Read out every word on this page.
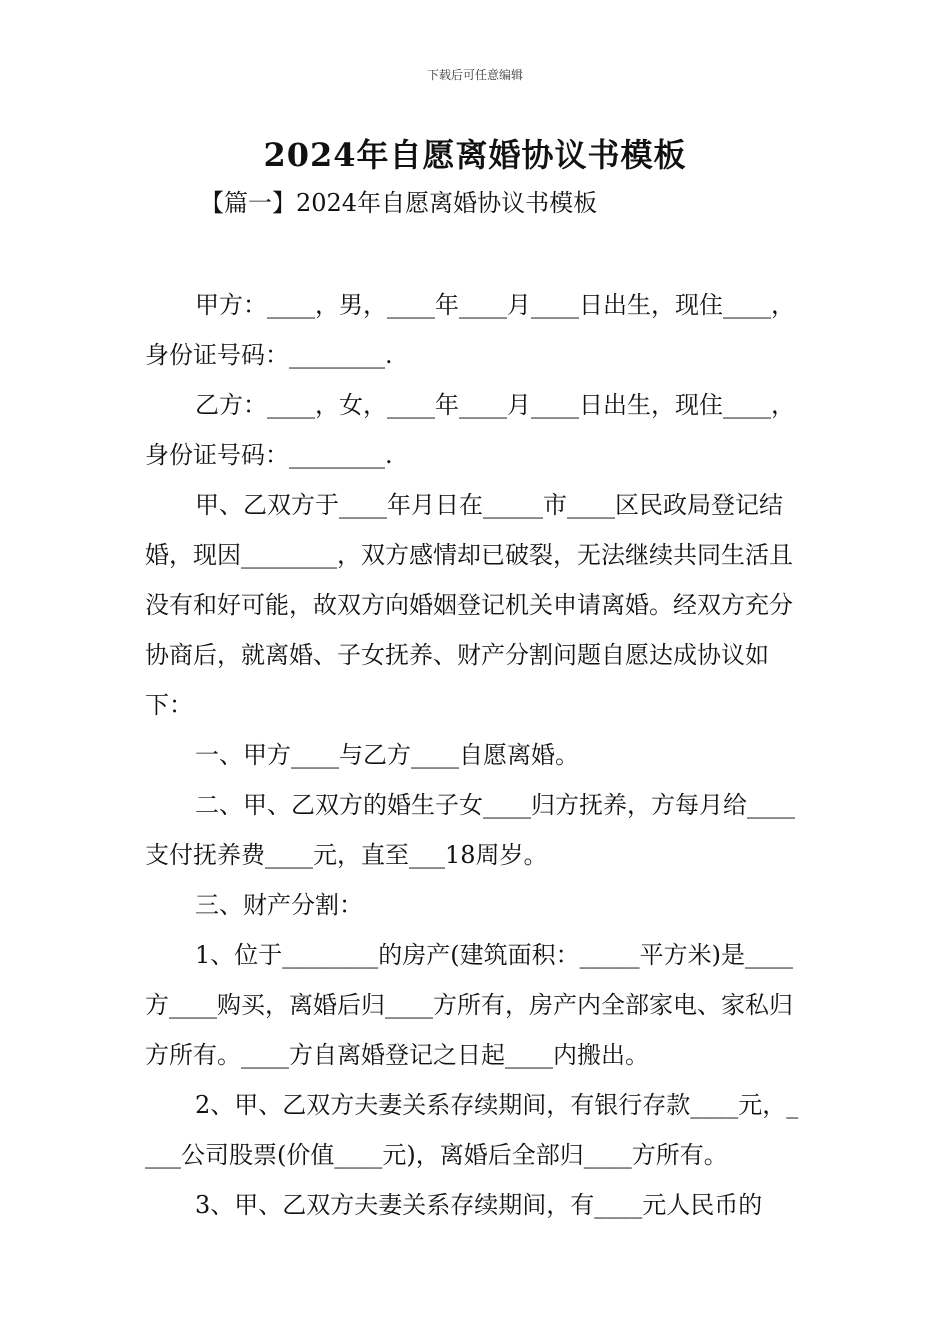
下载后可任意编辑
2024年自愿离婚协议书模板
【篇一】2024年自愿离婚协议书模板

甲方：____，男，____年____月____日出生，现住____，身份证号码：________.

乙方：____，女，____年____月____日出生，现住____，身份证号码：________.

甲、乙双方于____年月日在_____市____区民政局登记结婚，现因________，双方感情却已破裂，无法继续共同生活且没有和好可能，故双方向婚姻登记机关申请离婚。经双方充分协商后，就离婚、子女抚养、财产分割问题自愿达成协议如下：

一、甲方____与乙方____自愿离婚。

二、甲、乙双方的婚生子女____归方抚养，方每月给____支付抚养费____元，直至___18周岁。

三、财产分割：

1、位于________的房产(建筑面积：_____平方米)是____方____购买，离婚后归____方所有，房产内全部家电、家私归方所有。____方自离婚登记之日起____内搬出。

2、甲、乙双方夫妻关系存续期间，有银行存款____元，____公司股票(价值____元)，离婚后全部归____方所有。

3、甲、乙双方夫妻关系存续期间，有____元人民币的
